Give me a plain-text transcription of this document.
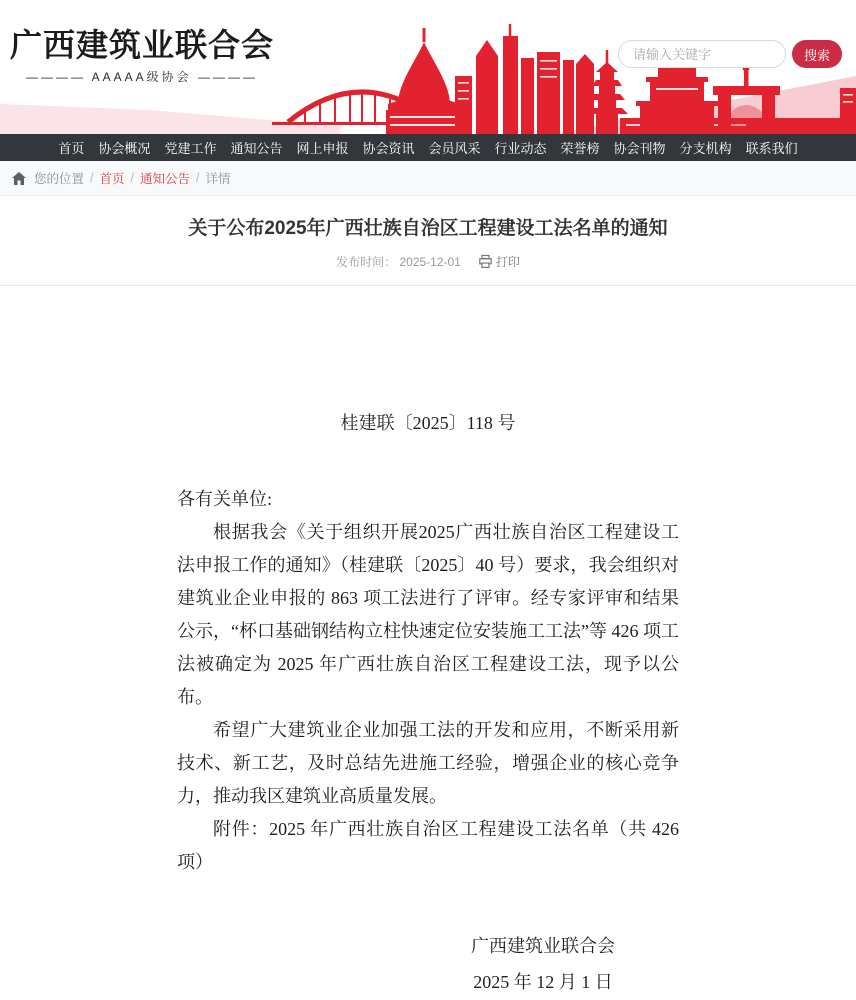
广西建筑业联合会
———— AAAAA级协会 ————
请输入关键字
搜索
首页 协会概况 党建工作 通知公告 网上申报 协会资讯 会员风采 行业动态 荣誉榜 协会刊物 分支机构 联系我们
您的位置 / 首页 / 通知公告 / 详情
关于公布2025年广西壮族自治区工程建设工法名单的通知
发布时间： 2025-12-01	打印
桂建联〔2025〕118 号
各有关单位:

根据我会《关于组织开展2025广西壮族自治区工程建设工法申报工作的通知》（桂建联〔2025〕40 号）要求，我会组织对建筑业企业申报的 863 项工法进行了评审。经专家评审和结果公示，“杯口基础钢结构立柱快速定位安装施工工法”等 426 项工法被确定为 2025 年广西壮族自治区工程建设工法，现予以公布。

希望广大建筑业企业加强工法的开发和应用，不断采用新技术、新工艺，及时总结先进施工经验，增强企业的核心竞争力，推动我区建筑业高质量发展。

附件：2025 年广西壮族自治区工程建设工法名单（共 426 项）

广西建筑业联合会
2025 年 12 月 1 日
